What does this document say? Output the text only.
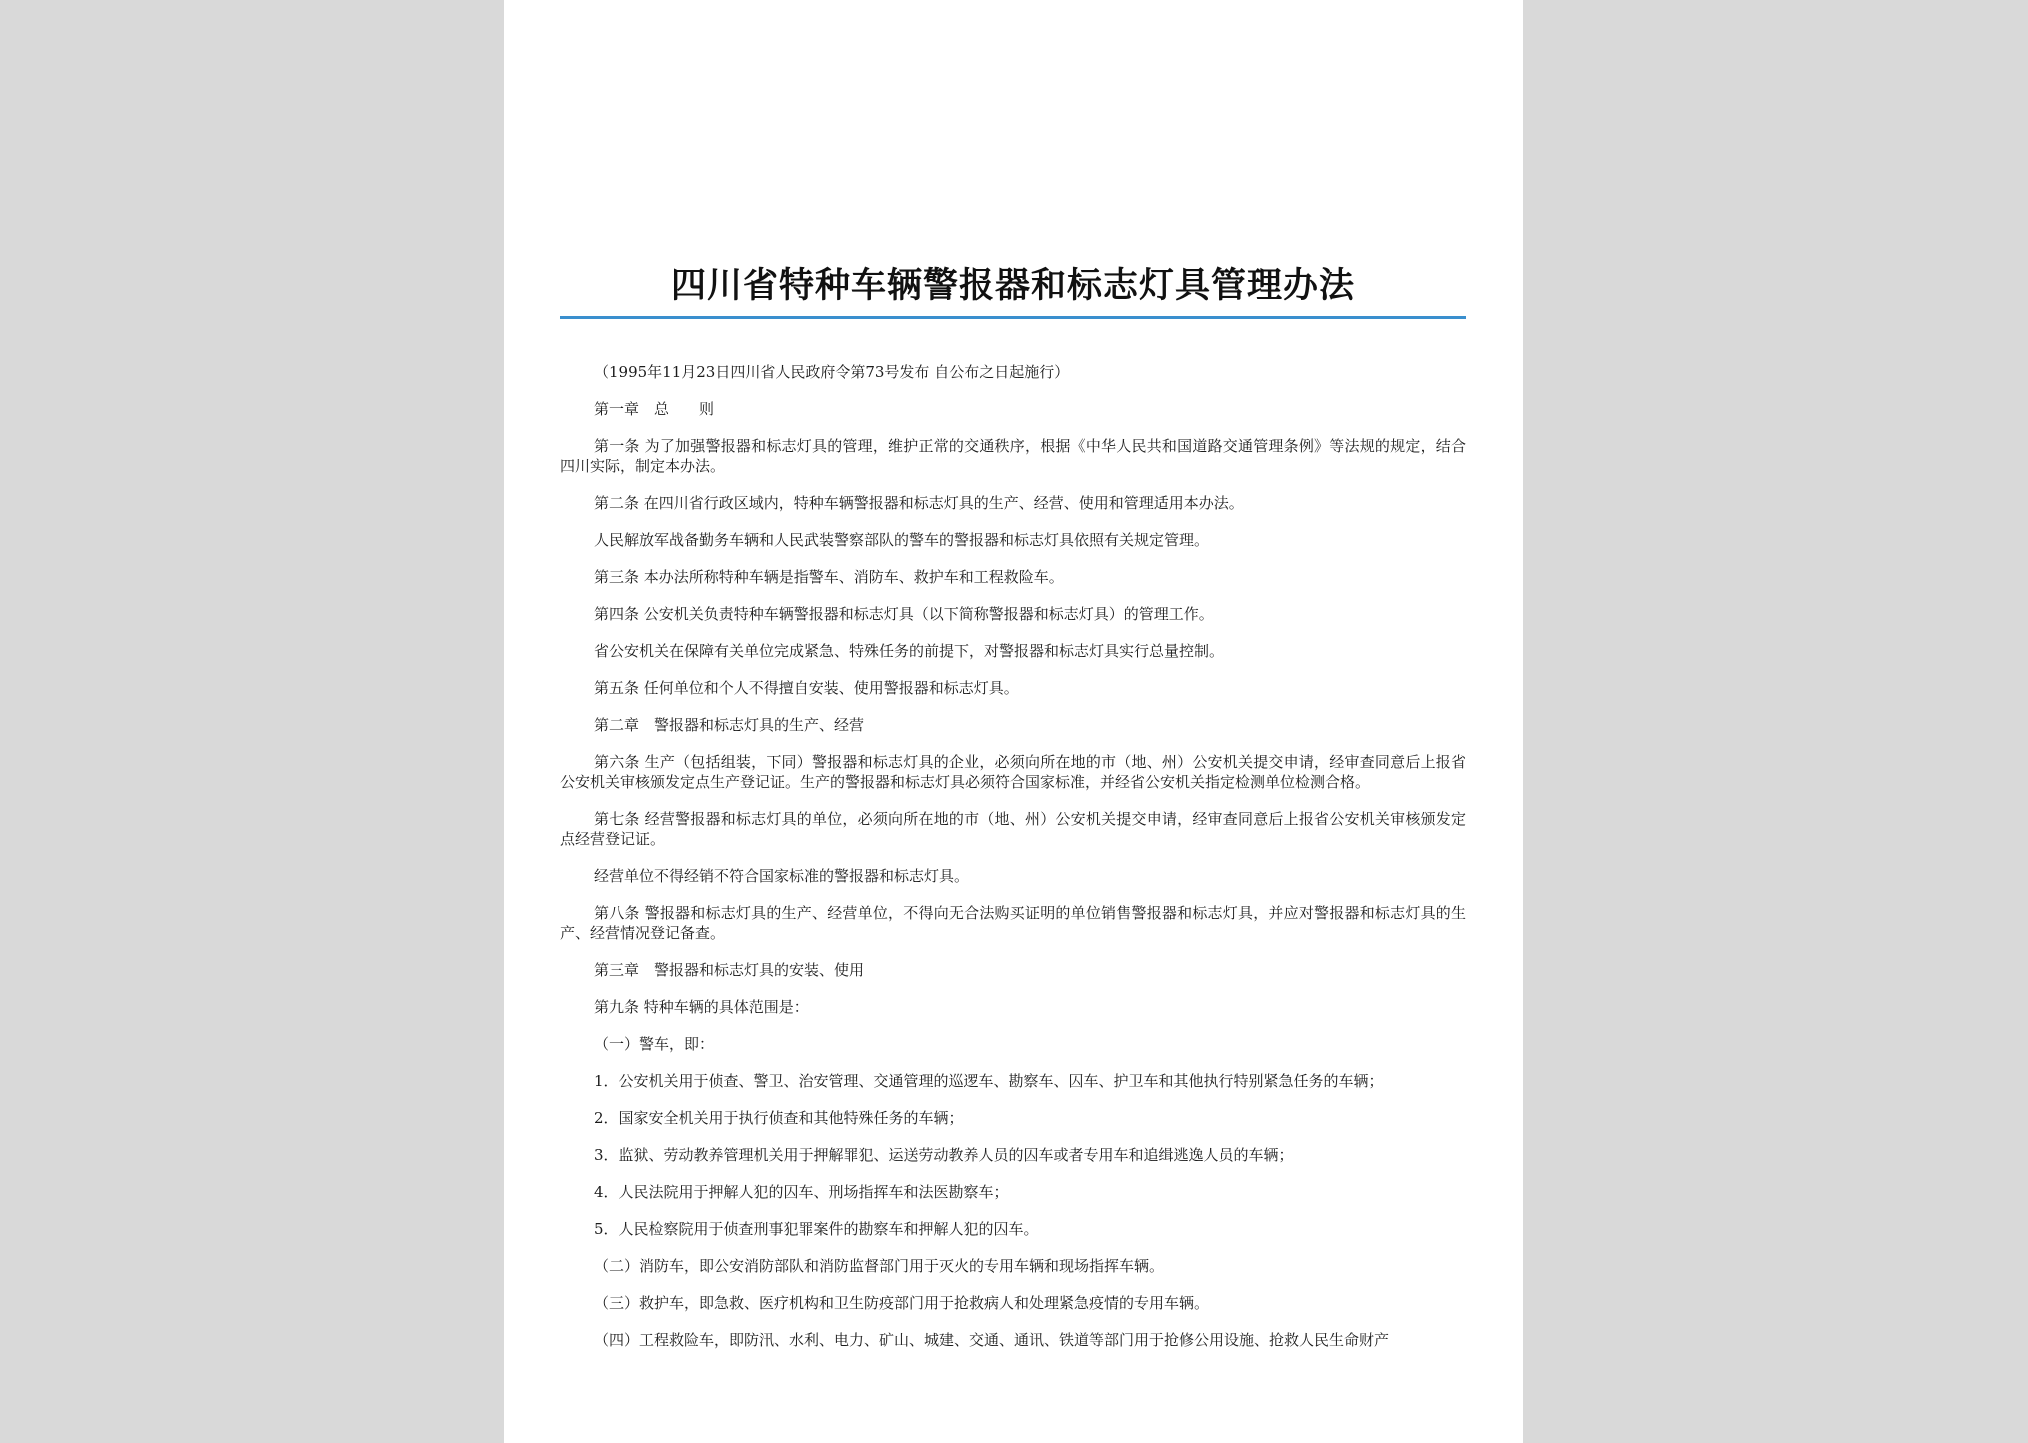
四川省特种车辆警报器和标志灯具管理办法

（1995年11月23日四川省人民政府令第73号发布 自公布之日起施行）

第一章　总　　则

第一条 为了加强警报器和标志灯具的管理，维护正常的交通秩序，根据《中华人民共和国道路交通管理条例》等法规的规定，结合四川实际，制定本办法。

第二条 在四川省行政区域内，特种车辆警报器和标志灯具的生产、经营、使用和管理适用本办法。

人民解放军战备勤务车辆和人民武装警察部队的警车的警报器和标志灯具依照有关规定管理。

第三条 本办法所称特种车辆是指警车、消防车、救护车和工程救险车。

第四条 公安机关负责特种车辆警报器和标志灯具（以下简称警报器和标志灯具）的管理工作。

省公安机关在保障有关单位完成紧急、特殊任务的前提下，对警报器和标志灯具实行总量控制。

第五条 任何单位和个人不得擅自安装、使用警报器和标志灯具。

第二章　警报器和标志灯具的生产、经营

第六条 生产（包括组装，下同）警报器和标志灯具的企业，必须向所在地的市（地、州）公安机关提交申请，经审查同意后上报省公安机关审核颁发定点生产登记证。生产的警报器和标志灯具必须符合国家标准，并经省公安机关指定检测单位检测合格。

第七条 经营警报器和标志灯具的单位，必须向所在地的市（地、州）公安机关提交申请，经审查同意后上报省公安机关审核颁发定点经营登记证。

经营单位不得经销不符合国家标准的警报器和标志灯具。

第八条 警报器和标志灯具的生产、经营单位，不得向无合法购买证明的单位销售警报器和标志灯具，并应对警报器和标志灯具的生产、经营情况登记备查。

第三章　警报器和标志灯具的安装、使用

第九条 特种车辆的具体范围是：

（一）警车，即：

1．公安机关用于侦查、警卫、治安管理、交通管理的巡逻车、勘察车、囚车、护卫车和其他执行特别紧急任务的车辆；

2．国家安全机关用于执行侦查和其他特殊任务的车辆；

3．监狱、劳动教养管理机关用于押解罪犯、运送劳动教养人员的囚车或者专用车和追缉逃逸人员的车辆；

4．人民法院用于押解人犯的囚车、刑场指挥车和法医勘察车；

5．人民检察院用于侦查刑事犯罪案件的勘察车和押解人犯的囚车。

（二）消防车，即公安消防部队和消防监督部门用于灭火的专用车辆和现场指挥车辆。

（三）救护车，即急救、医疗机构和卫生防疫部门用于抢救病人和处理紧急疫情的专用车辆。

（四）工程救险车，即防汛、水利、电力、矿山、城建、交通、通讯、铁道等部门用于抢修公用设施、抢救人民生命财产
